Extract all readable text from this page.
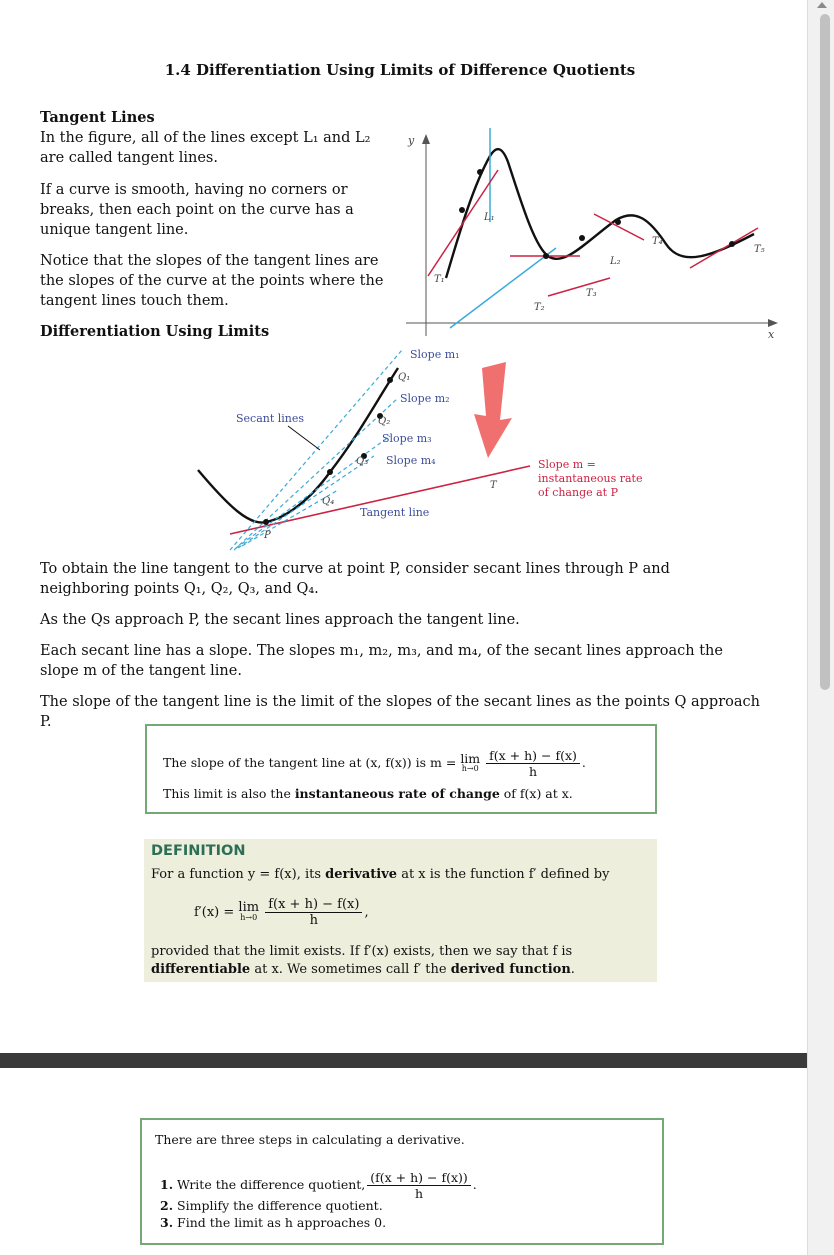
1.4 Differentiation Using Limits of Difference Quotients
Tangent Lines

In the figure, all of the lines except L₁ and L₂ are called tangent lines.

If a curve is smooth, having no corners or breaks, then each point on the curve has a unique tangent line.

Notice that the slopes of the tangent lines are the slopes of the curve at the points where the tangent lines touch them.

Differentiation Using Limits
y
x
L₁
L₂
T₁
T₂
T₃
T₄
T₅
Slope m₁
Q₁
Slope m₂
Q₂
Slope m₃
Q₃ Slope m₄
Q₄
Secant lines
Tangent line
P
T
Slope m =
instantaneous rate
of change at P

To obtain the line tangent to the curve at point P, consider secant lines through P and neighboring points Q₁, Q₂, Q₃, and Q₄.

As the Qs approach P, the secant lines approach the tangent line.

Each secant line has a slope. The slopes m₁, m₂, m₃, and m₄, of the secant lines approach the slope m of the tangent line.

The slope of the tangent line is the limit of the slopes of the secant lines as the points Q approach P.

The slope of the tangent line at (x, f(x)) is m = lim
h→0
$\frac{f(x + h) - f(x)}{h}$ .
This limit is also the instantaneous rate of change of f(x) at x.
DEFINITION
For a function y = f(x), its derivative at x is the function f′ defined by
f′(x) = lim
h→0
$\frac{f(x + h) - f(x)}{h}$ ,
provided that the limit exists. If f′(x) exists, then we say that f is differentiable at x. We sometimes call f′ the derived function.
There are three steps in calculating a derivative.
1. Write the difference quotient, $\frac{(f(x + h) - f(x))}{h}$ .
2. Simplify the difference quotient.
3. Find the limit as h approaches 0.
